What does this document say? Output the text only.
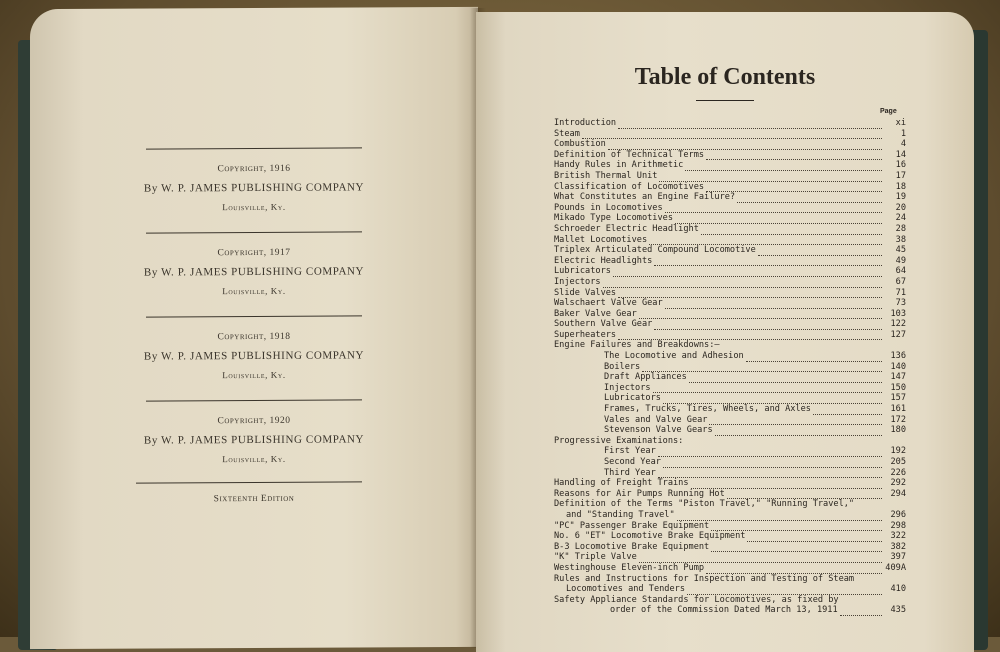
Copyright, 1916
By W. P. JAMES PUBLISHING COMPANY
Louisville, Ky.
Copyright, 1917
By W. P. JAMES PUBLISHING COMPANY
Louisville, Ky.
Copyright, 1918
By W. P. JAMES PUBLISHING COMPANY
Louisville, Ky.
Copyright, 1920
By W. P. JAMES PUBLISHING COMPANY
Louisville, Ky.
Sixteenth Edition
Table of Contents
Page
Introduction	xi
Steam	1
Combustion	4
Definition of Technical Terms	14
Handy Rules in Arithmetic	16
British Thermal Unit	17
Classification of Locomotives	18
What Constitutes an Engine Failure?	19
Pounds in Locomotives	20
Mikado Type Locomotives	24
Schroeder Electric Headlight	28
Mallet Locomotives	38
Triplex Articulated Compound Locomotive	45
Electric Headlights	49
Lubricators	64
Injectors	67
Slide Valves	71
Walschaert Valve Gear	73
Baker Valve Gear	103
Southern Valve Gear	122
Superheaters	127
Engine Failures and Breakdowns:—
The Locomotive and Adhesion	136
Boilers	140
Draft Appliances	147
Injectors	150
Lubricators	157
Frames, Trucks, Tires, Wheels, and Axles	161
Vales and Valve Gear	172
Stevenson Valve Gears	180
Progressive Examinations:
First Year	192
Second Year	205
Third Year	226
Handling of Freight Trains	292
Reasons for Air Pumps Running Hot	294
Definition of the Terms "Piston Travel," "Running Travel,"
and "Standing Travel"	296
"PC" Passenger Brake Equipment	298
No. 6 "ET" Locomotive Brake Equipment	322
B-3 Locomotive Brake Equipment	382
"K" Triple Valve	397
Westinghouse Eleven-inch Pump	409A
Rules and Instructions for Inspection and Testing of Steam
Locomotives and Tenders	410
Safety Appliance Standards for Locomotives, as fixed by
order of the Commission Dated March 13, 1911	435
